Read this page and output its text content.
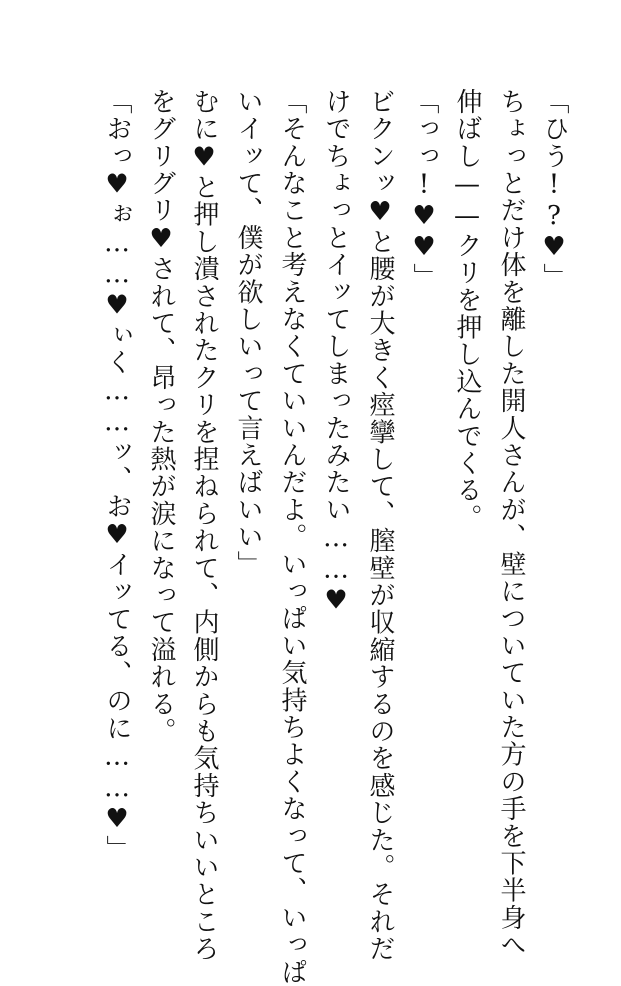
「ひう!?♥」
ちょっとだけ体を離した開人さんが、壁についていた方の手を下半身へ
伸ばし——クリを押し込んでくる。
「っっ!♥♥」
ビクンッ♥と腰が大きく痙攣して、膣壁が収縮するのを感じた。それだ
けでちょっとイッてしまったみたい……♥
「そんなこと考えなくていいんだよ。いっぱい気持ちよくなって、いっぱ
いイッて、僕が欲しいって言えばいい」
むに♥と押し潰されたクリを捏ねられて、内側からも気持ちいいところ
をグリグリ♥されて、昂った熱が涙になって溢れる。
「おっ♥ぉ……♥ぃく……ッ、お♥イッてる、のに……♥」
